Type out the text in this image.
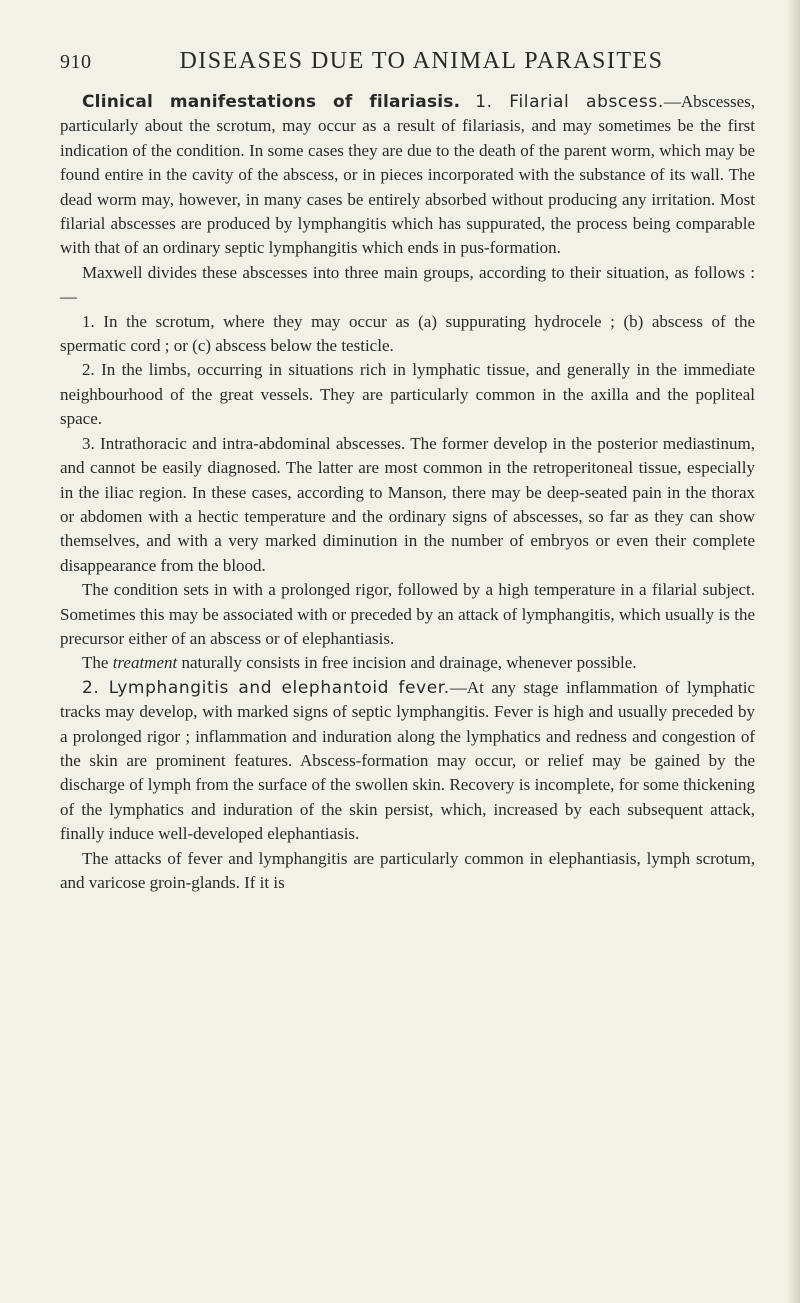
910	DISEASES DUE TO ANIMAL PARASITES

Clinical manifestations of filariasis. 1. Filarial abscess.—Abscesses, particularly about the scrotum, may occur as a result of filariasis, and may sometimes be the first indication of the condition. In some cases they are due to the death of the parent worm, which may be found entire in the cavity of the abscess, or in pieces incorporated with the substance of its wall. The dead worm may, however, in many cases be entirely absorbed without producing any irritation. Most filarial abscesses are produced by lymphangitis which has suppurated, the process being comparable with that of an ordinary septic lymphangitis which ends in pus-formation.

Maxwell divides these abscesses into three main groups, according to their situation, as follows :—

1. In the scrotum, where they may occur as (a) suppurating hydrocele ; (b) abscess of the spermatic cord ; or (c) abscess below the testicle.

2. In the limbs, occurring in situations rich in lymphatic tissue, and generally in the immediate neighbourhood of the great vessels. They are particularly common in the axilla and the popliteal space.

3. Intrathoracic and intra-abdominal abscesses. The former develop in the posterior mediastinum, and cannot be easily diagnosed. The latter are most common in the retroperitoneal tissue, especially in the iliac region. In these cases, according to Manson, there may be deep-seated pain in the thorax or abdomen with a hectic temperature and the ordinary signs of abscesses, so far as they can show themselves, and with a very marked diminution in the number of embryos or even their complete disappearance from the blood.

The condition sets in with a prolonged rigor, followed by a high temperature in a filarial subject. Sometimes this may be associated with or preceded by an attack of lymphangitis, which usually is the precursor either of an abscess or of elephantiasis.

The treatment naturally consists in free incision and drainage, whenever possible.

2. Lymphangitis and elephantoid fever.—At any stage inflammation of lymphatic tracks may develop, with marked signs of septic lymphangitis. Fever is high and usually preceded by a prolonged rigor ; inflammation and induration along the lymphatics and redness and congestion of the skin are prominent features. Abscess-formation may occur, or relief may be gained by the discharge of lymph from the surface of the swollen skin. Recovery is incomplete, for some thickening of the lymphatics and induration of the skin persist, which, increased by each subsequent attack, finally induce well-developed elephantiasis.

The attacks of fever and lymphangitis are particularly common in elephantiasis, lymph scrotum, and varicose groin-glands. If it is
